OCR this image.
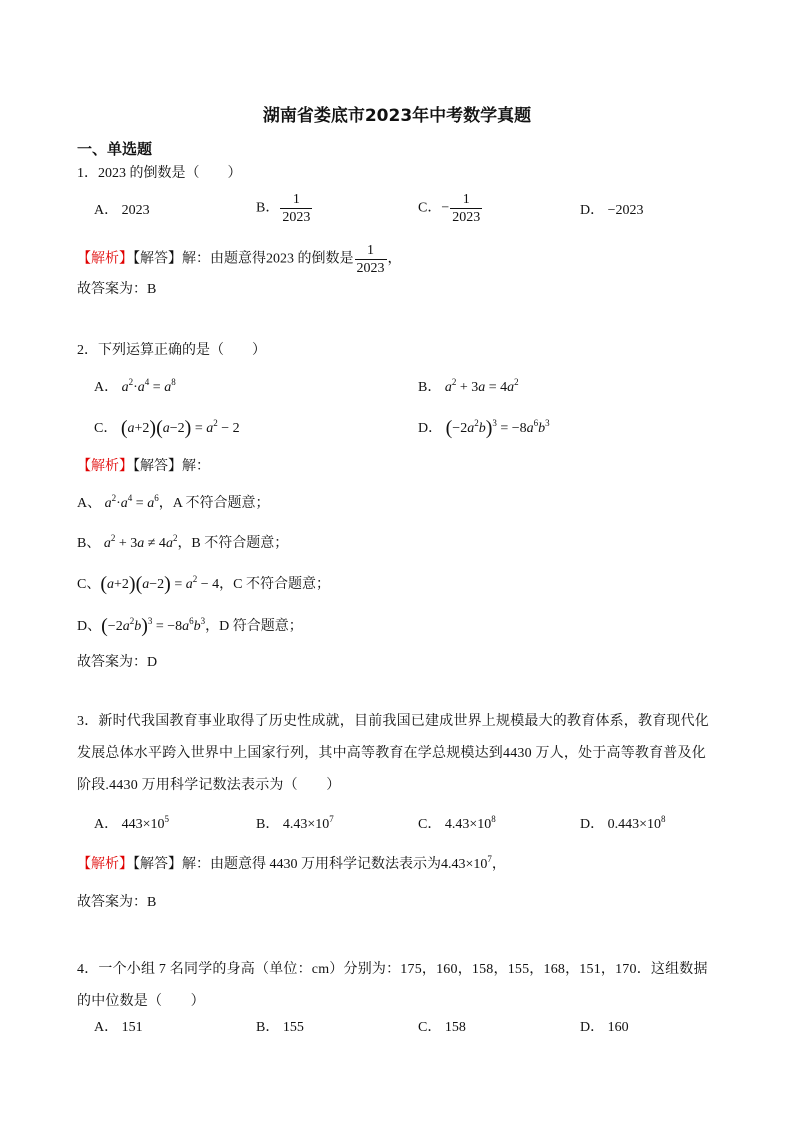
湖南省娄底市2023年中考数学真题
一、单选题
1．2023 的倒数是（　　）
A． 2023	B． $\frac{1}{2023}$	C．− $\frac{1}{2023}$	D． −2023
【解析】【解答】解：由题意得2023 的倒数是 $\frac{1}{2023}$ ，
故答案为：B
2．下列运算正确的是（　　）
A． $a^2\cdot a^4 = a^8$	B． $a^2 + 3a = 4a^2$
C． $(a+2)(a-2) = a^2 - 2$	D． $(-2a^2b)^3 = -8a^6b^3$
【解析】【解答】解：
A、 $a^2\cdot a^4 = a^6$，A 不符合题意；
B、 $a^2 + 3a \ne 4a^2$，B 不符合题意；
C、$(a+2)(a-2) = a^2 - 4$，C 不符合题意；
D、$(-2a^2b)^3 = -8a^6b^3$，D 符合题意；
故答案为：D
3．新时代我国教育事业取得了历史性成就，目前我国已建成世界上规模最大的教育体系，教育现代化发展总体水平跨入世界中上国家行列，其中高等教育在学总规模达到4430 万人，处于高等教育普及化阶段.4430 万用科学记数法表示为（　　）
A． $443\times 10^5$	B． $4.43\times 10^7$	C． $4.43\times 10^8$	D． $0.443\times 10^8$
【解析】【解答】解：由题意得 4430 万用科学记数法表示为$4.43\times 10^7$，
故答案为：B
4．一个小组 7 名同学的身高（单位：cm）分别为：175，160，158，155，168，151，170．这组数据的中位数是（　　）
A． 151	B． 155	C． 158	D． 160
